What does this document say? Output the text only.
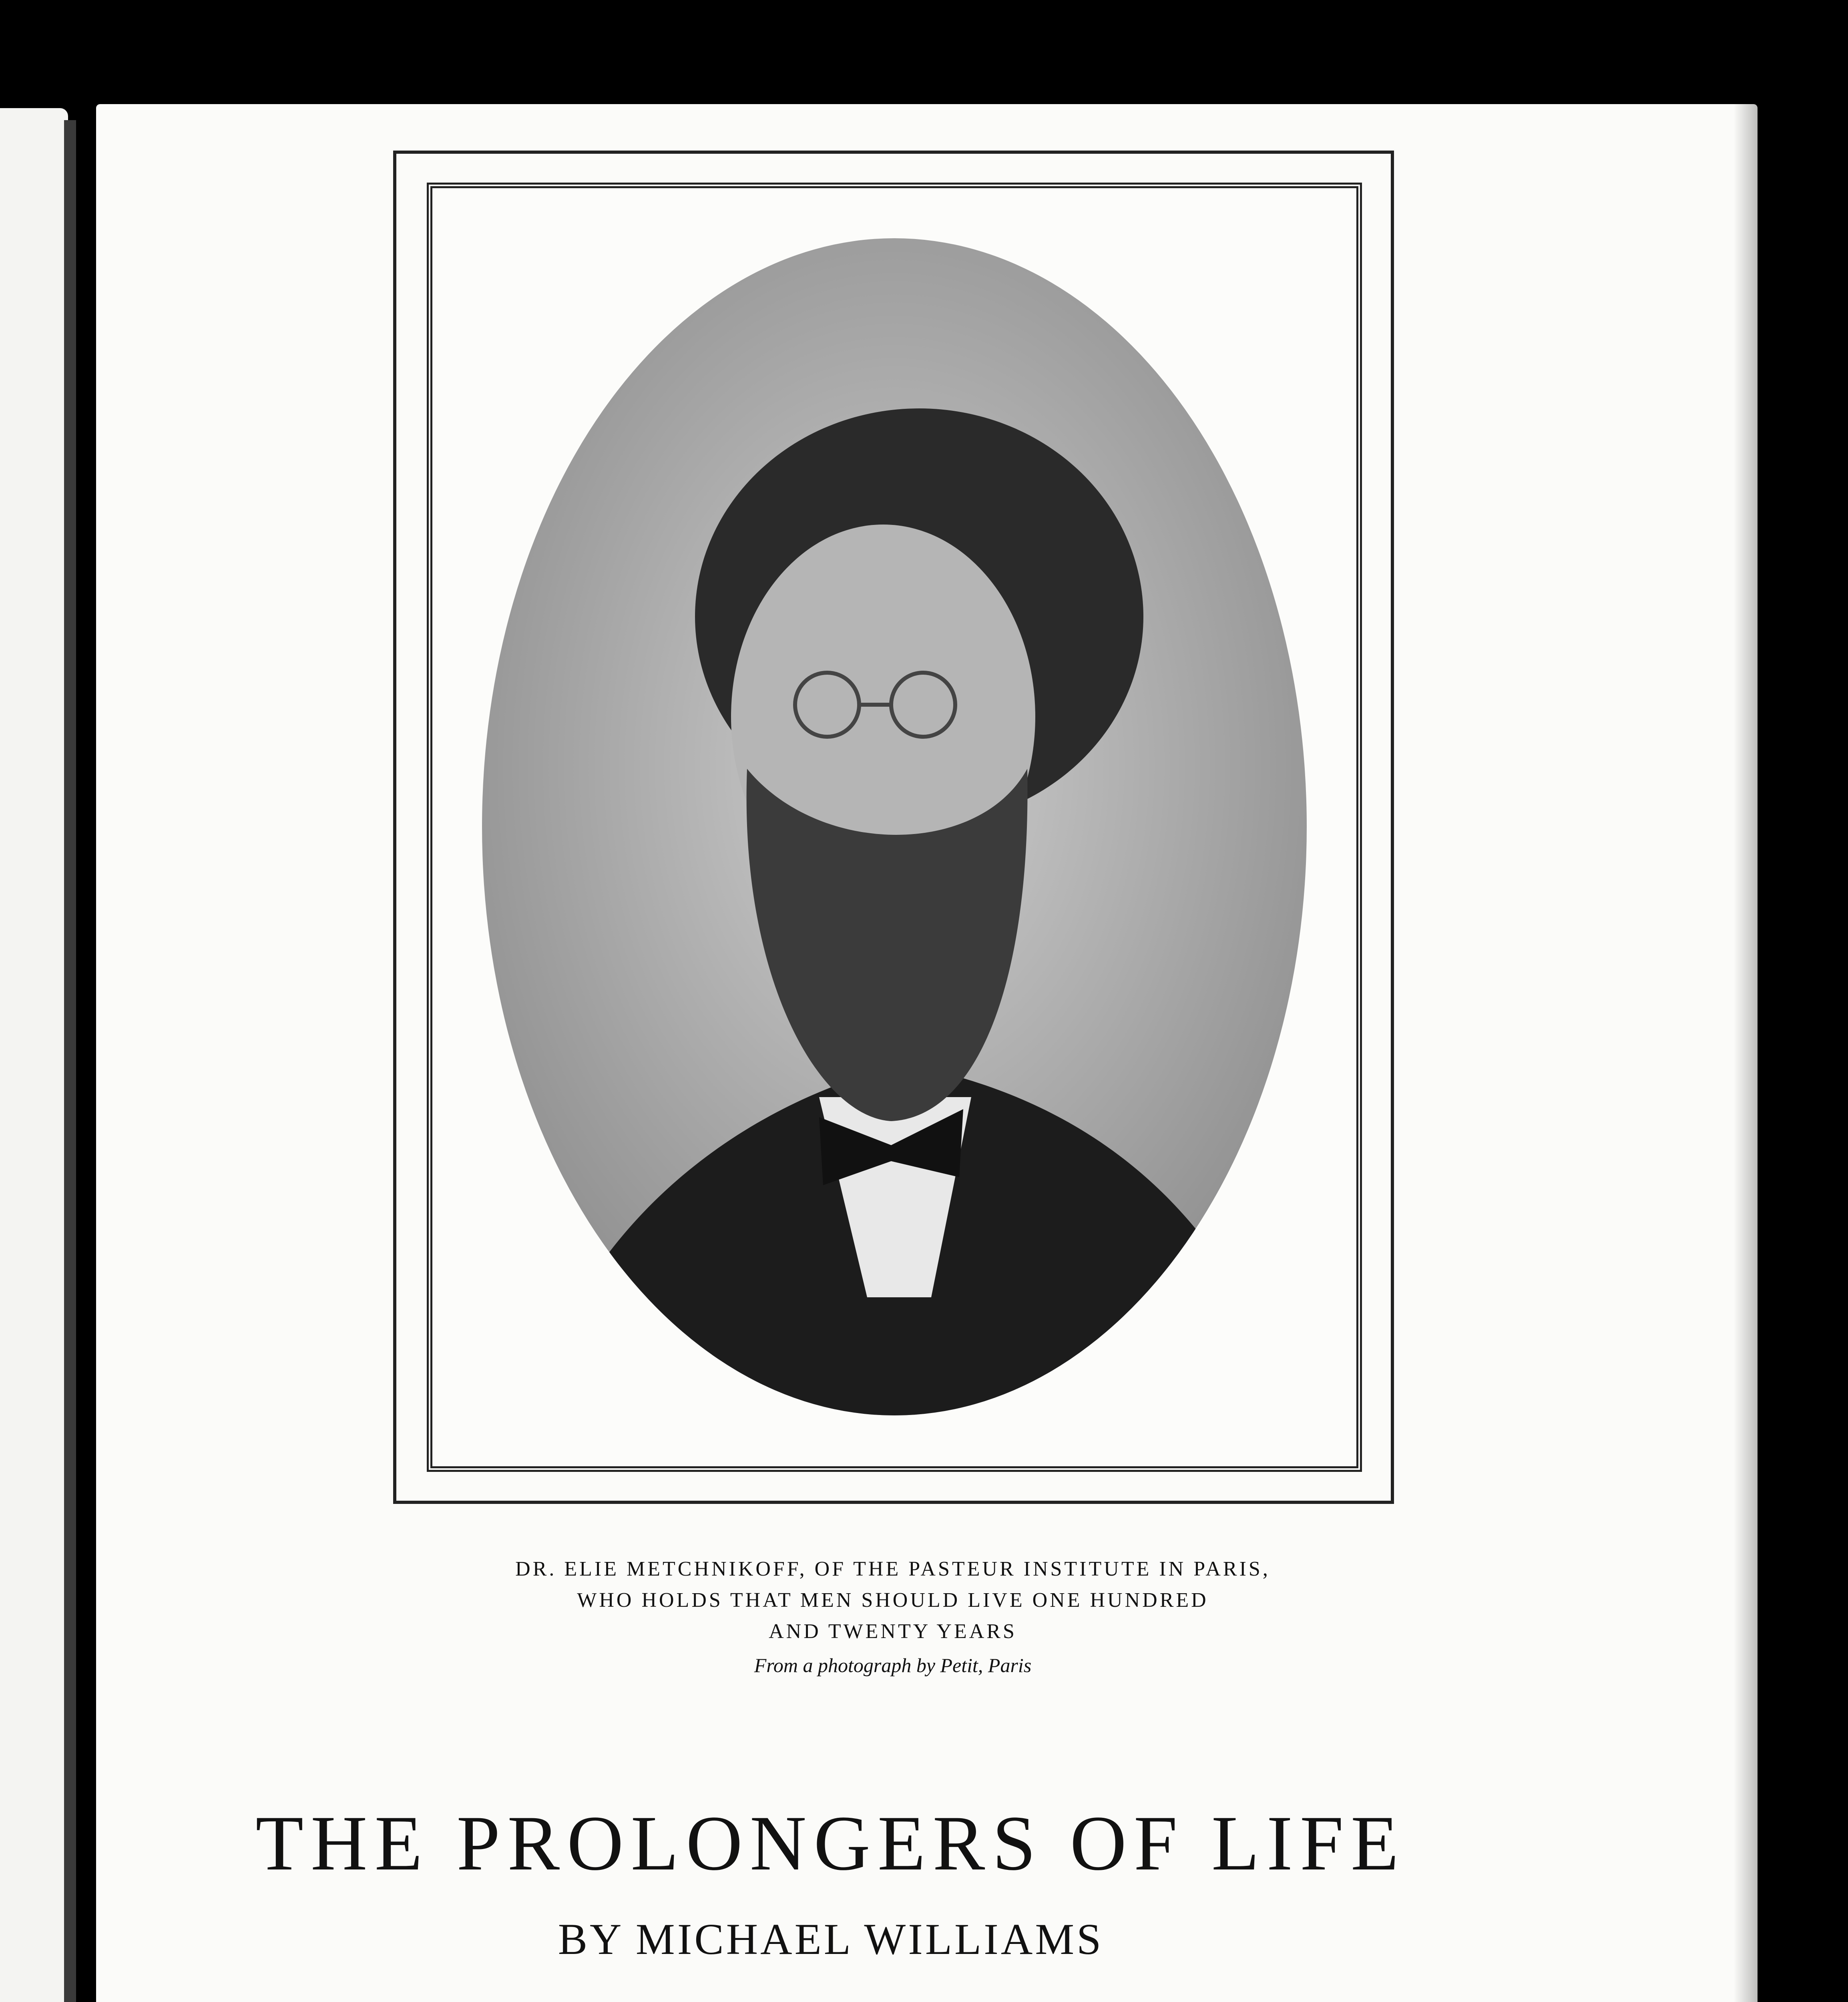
DR. ELIE METCHNIKOFF, OF THE PASTEUR INSTITUTE IN PARIS,
WHO HOLDS THAT MEN SHOULD LIVE ONE HUNDRED
AND TWENTY YEARS
From a photograph by Petit, Paris
THE PROLONGERS OF LIFE
BY MICHAEL WILLIAMS
